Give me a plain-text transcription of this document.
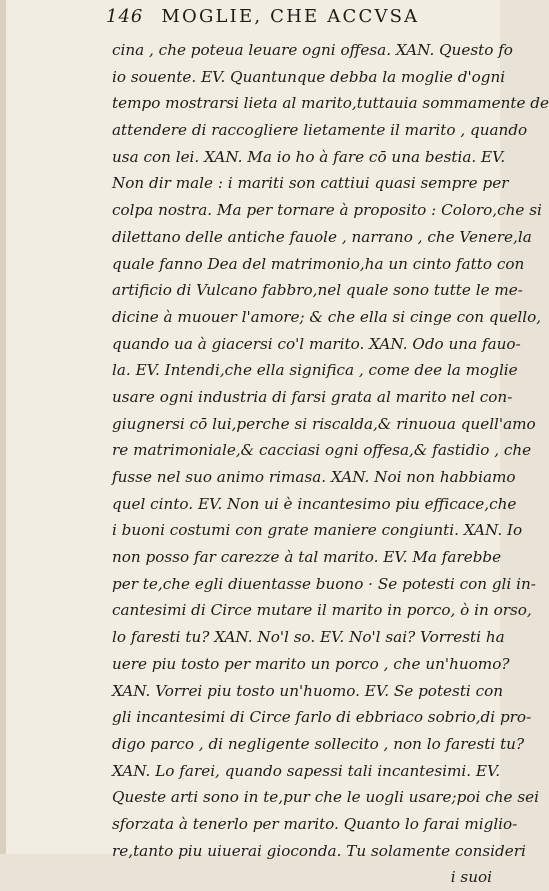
146 MOGLIE, CHE ACCVSA
cina , che poteua leuare ogni offesa. XAN. Questo fo
io souente. EV. Quantunque debba la moglie d'ogni
tempo mostrarsi lieta al marito,tuttauia sommamente de
attendere di raccogliere lietamente il marito , quando
usa con lei. XAN. Ma io ho à fare cō una bestia. EV.
Non dir male : i mariti son cattiui quasi sempre per
colpa nostra. Ma per tornare à proposito : Coloro,che si
dilettano delle antiche fauole , narrano , che Venere,la
quale fanno Dea del matrimonio,ha un cinto fatto con
artificio di Vulcano fabbro,nel quale sono tutte le me-
dicine à muouer l'amore; & che ella si cinge con quello,
quando ua à giacersi co'l marito. XAN. Odo una fauo-
la. EV. Intendi,che ella significa , come dee la moglie
usare ogni industria di farsi grata al marito nel con-
giugnersi cō lui,perche si riscalda,& rinuoua quell'amo
re matrimoniale,& cacciasi ogni offesa,& fastidio , che
fusse nel suo animo rimasa. XAN. Noi non habbiamo
quel cinto. EV. Non ui è incantesimo piu efficace,che
i buoni costumi con grate maniere congiunti. XAN. Io
non posso far carezze à tal marito. EV. Ma farebbe
per te,che egli diuentasse buono · Se potesti con gli in-
cantesimi di Circe mutare il marito in porco, ò in orso,
lo faresti tu? XAN. No'l so. EV. No'l sai? Vorresti ha
uere piu tosto per marito un porco , che un'huomo?
XAN. Vorrei piu tosto un'huomo. EV. Se potesti con
gli incantesimi di Circe farlo di ebbriaco sobrio,di pro-
digo parco , di negligente sollecito , non lo faresti tu?
XAN. Lo farei, quando sapessi tali incantesimi. EV.
Queste arti sono in te,pur che le uogli usare;poi che sei
sforzata à tenerlo per marito. Quanto lo farai miglio-
re,tanto piu uiuerai gioconda. Tu solamente consideri
i suoi
